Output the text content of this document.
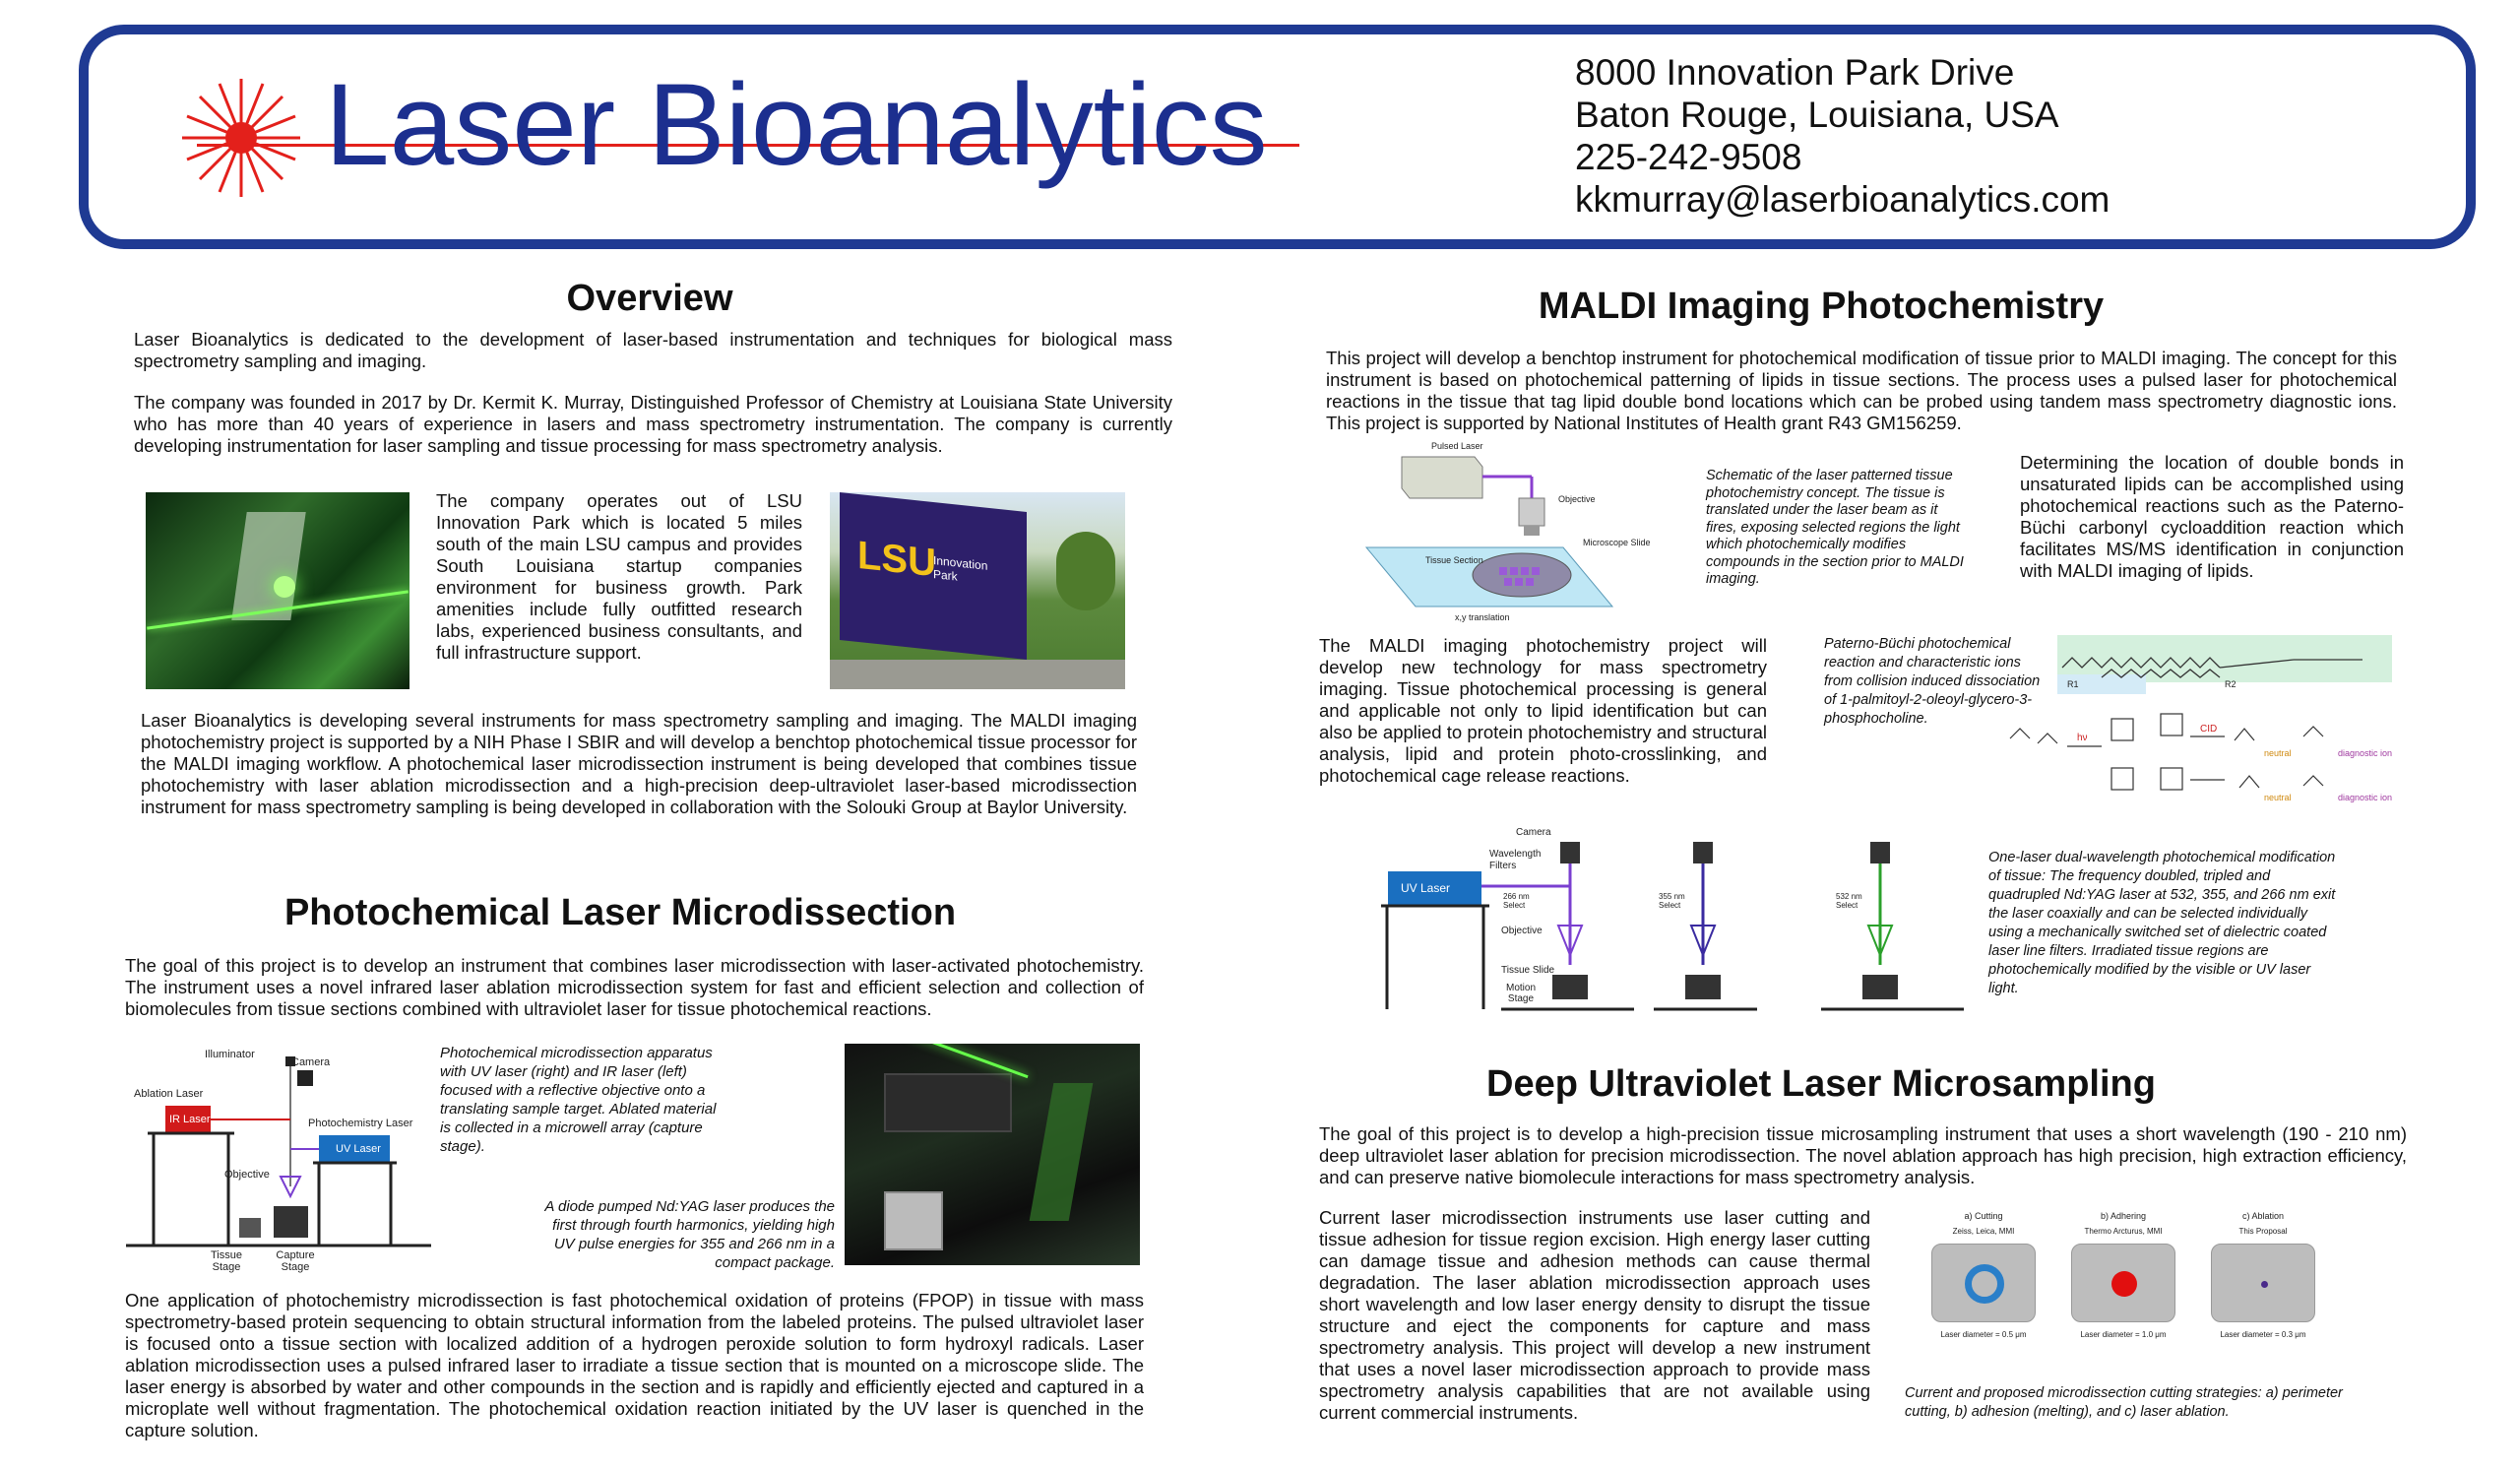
Laser Bioanalytics	8000 Innovation Park Drive
Baton Rouge, Louisiana, USA
225-242-9508
kkmurray@laserbioanalytics.com
Overview
Laser Bioanalytics is dedicated to the development of laser-based instrumentation and techniques for biological mass spectrometry sampling and imaging.
The company was founded in 2017 by Dr. Kermit K. Murray, Distinguished Professor of Chemistry at Louisiana State University who has more than 40 years of experience in lasers and mass spectrometry instrumentation. The company is currently developing instrumentation for laser sampling and tissue processing for mass spectrometry analysis.
The company operates out of LSU Innovation Park which is located 5 miles south of the main LSU campus and provides South Louisiana startup companies environment for business growth. Park amenities include fully outfitted research labs, experienced business consultants, and full infrastructure support.
LSU
Innovation Park
Laser Bioanalytics is developing several instruments for mass spectrometry sampling and imaging. The MALDI imaging photochemistry project is supported by a NIH Phase I SBIR and will develop a benchtop photochemical tissue processor for the MALDI imaging workflow. A photochemical laser microdissection instrument is being developed that combines tissue photochemistry with laser ablation microdissection and a high-precision deep-ultraviolet laser-based microdissection instrument for mass spectrometry sampling is being developed in collaboration with the Solouki Group at Baylor University.
Photochemical Laser Microdissection
The goal of this project is to develop an instrument that combines laser microdissection with laser-activated photochemistry. The instrument uses a novel infrared laser ablation microdissection system for fast and efficient selection and collection of biomolecules from tissue sections combined with ultraviolet laser for tissue photochemical reactions.
Illuminator
Camera
Ablation Laser
IR Laser	Photochemistry Laser
UV Laser
Objective
Tissue Stage
Capture Stage
Photochemical microdissection apparatus with UV laser (right) and IR laser (left) focused with a reflective objective onto a translating sample target. Ablated material is collected in a microwell array (capture stage).
A diode pumped Nd:YAG laser produces the first through fourth harmonics, yielding high UV pulse energies for 355 and 266 nm in a compact package.
One application of photochemistry microdissection is fast photochemical oxidation of proteins (FPOP) in tissue with mass spectrometry-based protein sequencing to obtain structural information from the labeled proteins. The pulsed ultraviolet laser is focused onto a tissue section with localized addition of a hydrogen peroxide solution to form hydroxyl radicals. Laser ablation microdissection uses a pulsed infrared laser to irradiate a tissue section that is mounted on a microscope slide. The laser energy is absorbed by water and other compounds in the section and is rapidly and efficiently ejected and captured in a microplate well without fragmentation. The photochemical oxidation reaction initiated by the UV laser is quenched in the capture solution.
MALDI Imaging Photochemistry
This project will develop a benchtop instrument for photochemical modification of tissue prior to MALDI imaging. The concept for this instrument is based on photochemical patterning of lipids in tissue sections. The process uses a pulsed laser for photochemical reactions in the tissue that tag lipid double bond locations which can be probed using tandem mass spectrometry diagnostic ions. This project is supported by National Institutes of Health grant R43 GM156259.
Pulsed Laser
Objective
Microscope Slide
Tissue Section
x,y translation
Schematic of the laser patterned tissue photochemistry concept. The tissue is translated under the laser beam as it fires, exposing selected regions the light which photochemically modifies compounds in the section prior to MALDI imaging.
Determining the location of double bonds in unsaturated lipids can be accomplished using photochemical reactions such as the Paterno-Büchi carbonyl cycloaddition reaction which facilitates MS/MS identification in conjunction with MALDI imaging of lipids.
The MALDI imaging photochemistry project will develop new technology for mass spectrometry imaging. Tissue photochemical processing is general and applicable not only to lipid identification but can also be applied to protein photochemistry and structural analysis, lipid and protein photo-crosslinking, and photochemical cage release reactions.
Paterno-Büchi photochemical reaction and characteristic ions from collision induced dissociation of 1-palmitoyl-2-oleoyl-glycero-3-phosphocholine.
R1	R2
hν
CID
neutral	diagnostic ion
neutral	diagnostic ion
Camera
Wavelength Filters
UV Laser
266 nm Select
355 nm Select
532 nm Select
Objective
Tissue Slide
Motion Stage
One-laser dual-wavelength photochemical modification of tissue: The frequency doubled, tripled and quadrupled Nd:YAG laser at 532, 355, and 266 nm exit the laser coaxially and can be selected individually using a mechanically switched set of dielectric coated laser line filters. Irradiated tissue regions are photochemically modified by the visible or UV laser light.
Deep Ultraviolet Laser Microsampling
The goal of this project is to develop a high-precision tissue microsampling instrument that uses a short wavelength (190 - 210 nm) deep ultraviolet laser ablation for precision microdissection. The novel ablation approach has high precision, high extraction efficiency, and can preserve native biomolecule interactions for mass spectrometry analysis.
Current laser microdissection instruments use laser cutting and tissue adhesion for tissue region excision. High energy laser cutting can damage tissue and adhesion methods can cause thermal degradation. The laser ablation microdissection approach uses short wavelength and low laser energy density to disrupt the tissue structure and eject the components for capture and mass spectrometry analysis. This project will develop a new instrument that uses a novel laser microdissection approach to provide mass spectrometry analysis capabilities that are not available using current commercial instruments.
a) Cutting
Zeiss, Leica, MMI
Laser diameter = 0.5 μm
b) Adhering
Thermo Arcturus, MMI
Laser diameter = 1.0 μm
c) Ablation
This Proposal
Laser diameter = 0.3 μm
Current and proposed microdissection cutting strategies: a) perimeter cutting, b) adhesion (melting), and c) laser ablation.
